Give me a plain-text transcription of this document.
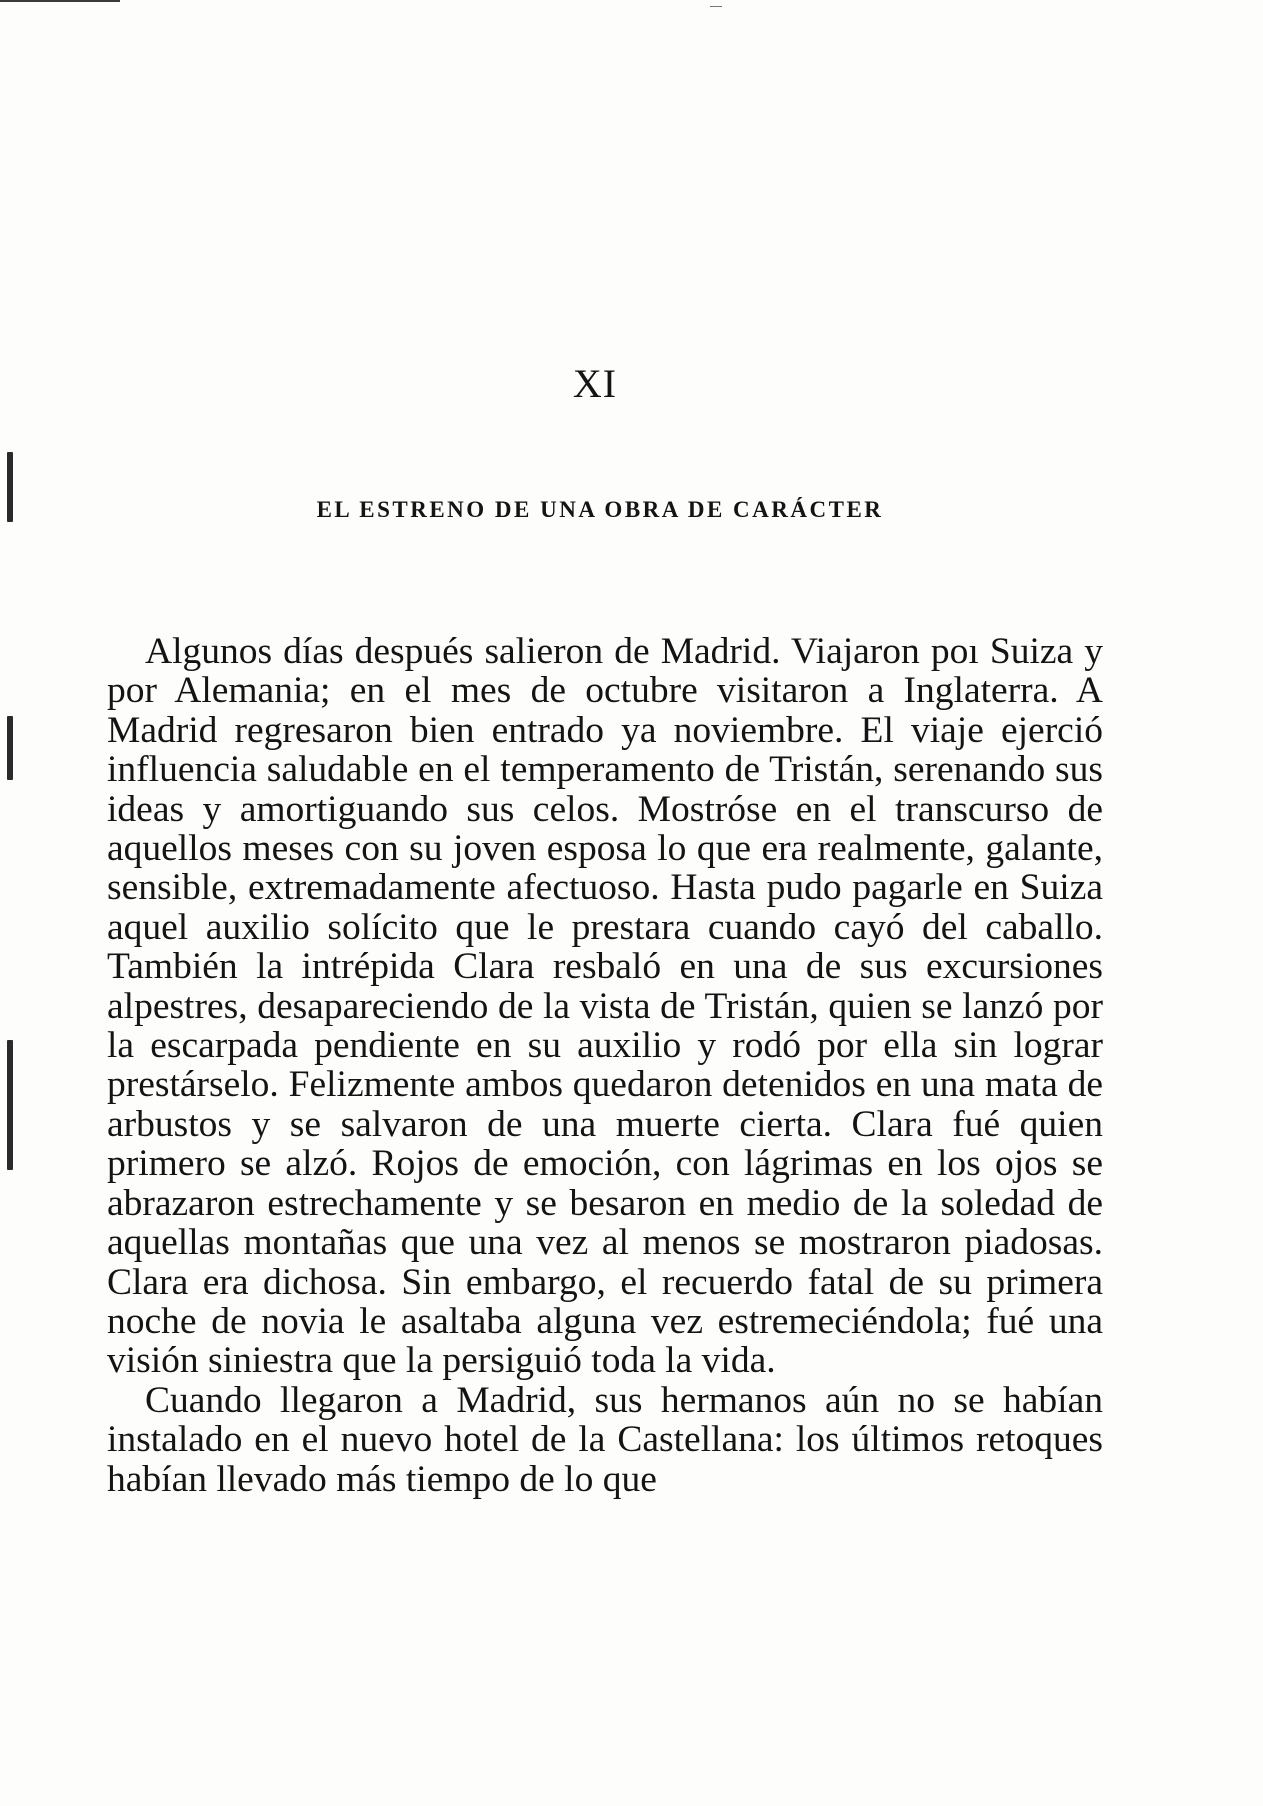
XI
EL ESTRENO DE UNA OBRA DE CARÁCTER

Algunos días después salieron de Madrid. Viajaron poı Suiza y por Alemania; en el mes de octubre visitaron a Inglaterra. A Madrid regresaron bien entrado ya noviembre. El viaje ejerció influencia saludable en el temperamento de Tristán, serenando sus ideas y amortiguando sus celos. Mostróse en el transcurso de aquellos meses con su joven esposa lo que era realmente, galante, sensible, extremadamente afectuoso. Hasta pudo pagarle en Suiza aquel auxilio solícito que le prestara cuando cayó del caballo. También la intrépida Clara resbaló en una de sus excursiones alpestres, desapareciendo de la vista de Tristán, quien se lanzó por la escarpada pendiente en su auxilio y rodó por ella sin lograr prestárselo. Felizmente ambos quedaron detenidos en una mata de arbustos y se salvaron de una muerte cierta. Clara fué quien primero se alzó. Rojos de emoción, con lágrimas en los ojos se abrazaron estrechamente y se besaron en medio de la soledad de aquellas montañas que una vez al menos se mostraron piadosas. Clara era dichosa. Sin embargo, el recuerdo fatal de su primera noche de novia le asaltaba alguna vez estremeciéndola; fué una visión siniestra que la persiguió toda la vida.

Cuando llegaron a Madrid, sus hermanos aún no se habían instalado en el nuevo hotel de la Castellana: los últimos retoques habían llevado más tiempo de lo que
